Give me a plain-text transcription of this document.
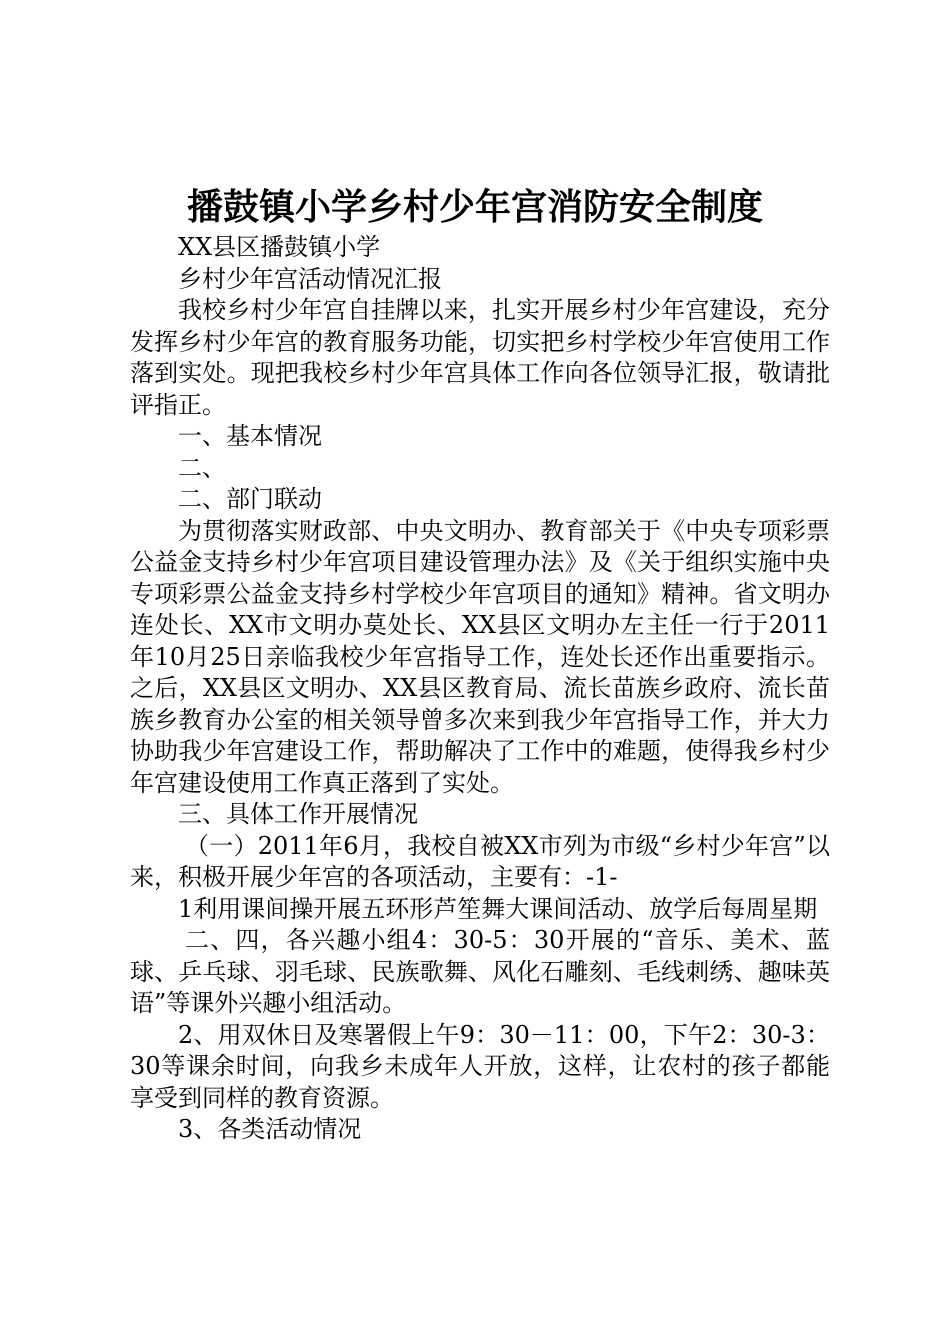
播鼓镇小学乡村少年宫消防安全制度

XX县区播鼓镇小学

乡村少年宫活动情况汇报

我校乡村少年宫自挂牌以来，扎实开展乡村少年宫建设，充分发挥乡村少年宫的教育服务功能，切实把乡村学校少年宫使用工作落到实处。现把我校乡村少年宫具体工作向各位领导汇报，敬请批评指正。

一、基本情况

二、

二、部门联动

为贯彻落实财政部、中央文明办、教育部关于《中央专项彩票公益金支持乡村少年宫项目建设管理办法》及《关于组织实施中央专项彩票公益金支持乡村学校少年宫项目的通知》精神。省文明办连处长、XX市文明办莫处长、XX县区文明办左主任一行于2011年10月25日亲临我校少年宫指导工作，连处长还作出重要指示。之后，XX县区文明办、XX县区教育局、流长苗族乡政府、流长苗族乡教育办公室的相关领导曾多次来到我少年宫指导工作，并大力协助我少年宫建设工作，帮助解决了工作中的难题，使得我乡村少年宫建设使用工作真正落到了实处。

三、具体工作开展情况

（一）2011年6月，我校自被XX市列为市级“乡村少年宫”以来，积极开展少年宫的各项活动，主要有：-1-

1利用课间操开展五环形芦笙舞大课间活动、放学后每周星期

二、四，各兴趣小组4：30-5：30开展的“音乐、美术、蓝球、乒乓球、羽毛球、民族歌舞、风化石雕刻、毛线刺绣、趣味英语”等课外兴趣小组活动。

2、用双休日及寒署假上午9：30－11：00，下午2：30-3：30等课余时间，向我乡未成年人开放，这样，让农村的孩子都能享受到同样的教育资源。

3、各类活动情况
